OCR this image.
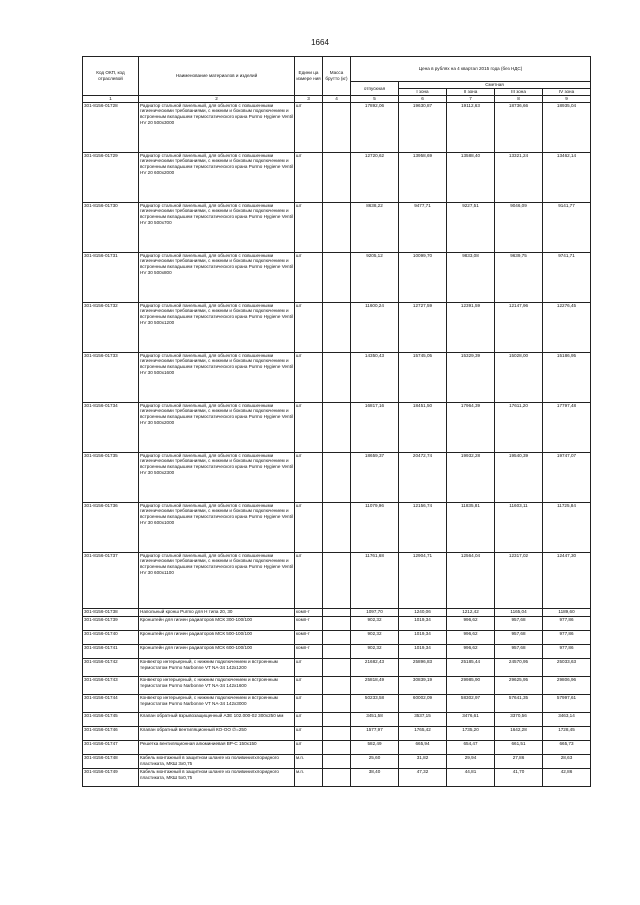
1664
Код ОКП, код отраслевой	Наименование материалов и изделий	Едини ца измере ния	Масса брутто (кг)	Цена в рублях на 4 квартал 2015 года (без НДС)				
				отпускная	Сметная			
					I зона	II зона	III зона	IV зона
1	2	3	4	5	6	7	8	9
301-8156-01728	Радиатор стальной панельный, для объектов с повышенными гигиеническими требованиями, с нижним и боковым подключением и встроенным вкладышем термостатического крана Purmo Hygiene Ventil HV 20 500х3000	шт		17892,06	19630,87	19112,63	18736,66	18935,04
301-8156-01729	Радиатор стальной панельный, для объектов с повышенными гигиеническими требованиями, с нижним и боковым подключением и встроенным вкладышем термостатического крана Purmo Hygiene Ventil HV 20 600х2000	шт		12720,62	13958,69	13588,40	13321,24	13462,14
301-8156-01730	Радиатор стальной панельный, для объектов с повышенными гигиеническими требованиями, с нижним и боковым подключением и встроенным вкладышем термостатического крана Purmo Hygiene Ventil HV 30 500х700	шт		8638,22	9477,71	9227,51	9046,09	9141,77
301-8156-01731	Радиатор стальной панельный, для объектов с повышенными гигиеническими требованиями, с нижним и боковым подключением и встроенным вкладышем термостатического крана Purmo Hygiene Ventil HV 30 500х800	шт		9205,12	10099,70	9833,08	9639,75	9741,71
301-8156-01732	Радиатор стальной панельный, для объектов с повышенными гигиеническими требованиями, с нижним и боковым подключением и встроенным вкладышем термостатического крана Purmo Hygiene Ventil HV 30 500х1200	шт		11600,24	12727,59	12391,59	12147,96	12276,45
301-8156-01733	Радиатор стальной панельный, для объектов с повышенными гигиеническими требованиями, с нижним и боковым подключением и встроенным вкладышем термостатического крана Purmo Hygiene Ventil HV 30 500х1600	шт		14350,43	15745,05	15329,39	15028,00	15186,95
301-8156-01734	Радиатор стальной панельный, для объектов с повышенными гигиеническими требованиями, с нижним и боковым подключением и встроенным вкладышем термостатического крана Purmo Hygiene Ventil HV 30 500х2000	шт		16817,16	18451,50	17964,39	17611,20	17797,48
301-8156-01735	Радиатор стальной панельный, для объектов с повышенными гигиеническими требованиями, с нижним и боковым подключением и встроенным вкладышем термостатического крана Purmo Hygiene Ventil HV 30 500х2300	шт		18659,37	20472,74	19932,28	19540,39	19747,07
301-8156-01736	Радиатор стальной панельный, для объектов с повышенными гигиеническими требованиями, с нижним и боковым подключением и встроенным вкладышем термостатического крана Purmo Hygiene Ventil HV 30 600х1000	шт		11079,96	12156,74	11835,81	11603,11	11725,84
301-8156-01737	Радиатор стальной панельный, для объектов с повышенными гигиеническими требованиями, с нижним и боковым подключением и встроенным вкладышем термостатического крана Purmo Hygiene Ventil HV 30 600х1100	шт		11761,68	12904,71	12564,04	12317,02	12447,30
301-8156-01738	Напольный кронш Purmo для H типа 20, 30	комп-т		1097,70	1240,06	1212,42	1165,04	1189,60
301-8156-01739	Кронштейн для гигиен радиаторов МСК 300-100/100	комп-т		902,32	1019,34	996,62	957,68	977,86
301-8156-01740	Кронштейн для гигиен радиаторов МСК 500-100/100	комп-т		902,32	1019,34	996,62	957,68	977,86
301-8156-01741	Кронштейн для гигиен радиаторов МСК 600-100/100	комп-т		902,32	1019,34	996,62	957,68	977,86
301-8156-01742	Конвектор интерьерный, с нижним подключением и встроенным термостатом Purmo Narbonne VT NA-34 142х1200	шт		21682,43	25896,83	25185,44	24570,95	25033,63
301-8156-01743	Конвектор интерьерный, с нижним подключением и встроенным термостатом Purmo Narbonne VT NA-34 142х1600	шт		25818,49	30839,19	29985,90	29625,95	29806,96
301-8156-01744	Конвектор интерьерный, с нижним подключением и встроенным термостатом Purmo Narbonne VT NA-34 142х3000	шт		50233,58	60002,09	58302,97	57641,35	57997,61
301-8156-01745	Клапан обратный взрывозащищенный АЗЕ 102.000-02 300х250 мм	шт		3451,58	3537,15	3476,61	3370,56	3463,14
301-8156-01746	Клапан обратный вентиляционный КО-ОО ∅=250	шт		1577,97	1765,42	1735,20	1642,28	1728,45
301-8156-01747	Решетка вентиляционная алюминиевая ВР-С 150х150	шт		582,49	665,94	654,47	661,51	665,73
301-8156-01748	Кабель монтажный в защитном шланге из поливинилхлоридного пластиката, МКШ 3х0,75	м.п.		25,60	31,82	29,94	27,86	28,63
301-8156-01749	Кабель монтажный в защитном шланге из поливинилхлоридного пластиката, МКШ 5х0,75	м.п.		38,40	47,32	44,81	41,70	42,86
